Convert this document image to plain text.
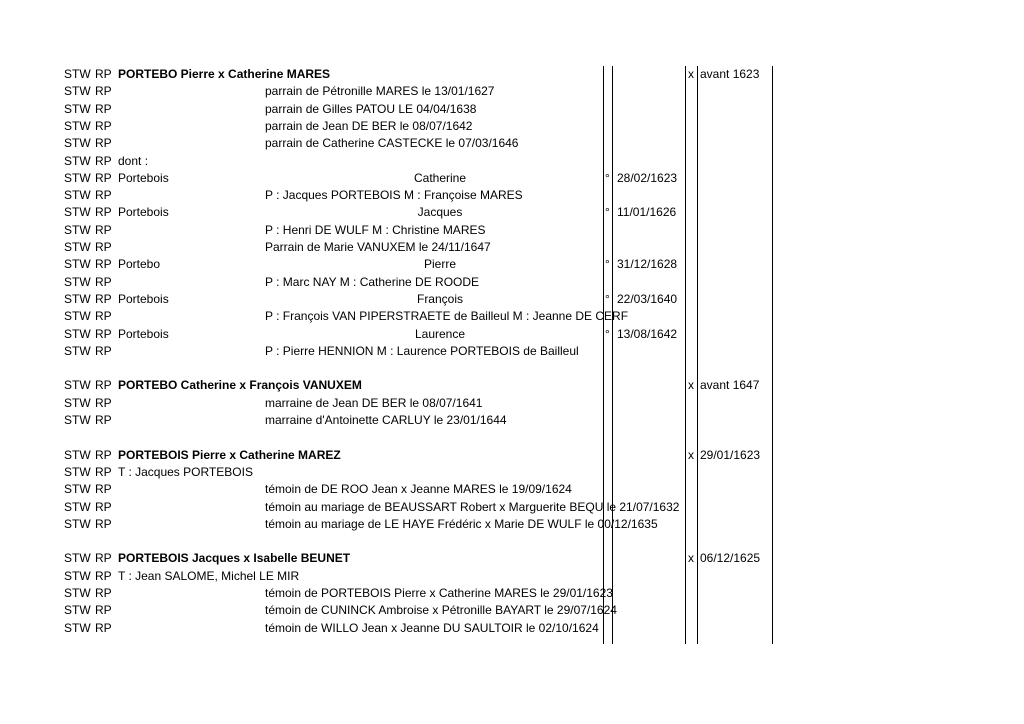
STW RP PORTEBO Pierre x Catherine MARES	x avant 1623
STW RP	parrain de Pétronille MARES le 13/01/1627
STW RP	parrain de Gilles PATOU LE 04/04/1638
STW RP	parrain de Jean DE BER le 08/07/1642
STW RP	parrain de Catherine CASTECKE le 07/03/1646
STW RP dont :
STW RP Portebois	Catherine	° 28/02/1623
STW RP	P : Jacques PORTEBOIS M : Françoise MARES
STW RP Portebois	Jacques	° 11/01/1626
STW RP	P : Henri DE WULF M : Christine MARES
STW RP	Parrain de Marie VANUXEM le 24/11/1647
STW RP Portebo	Pierre	° 31/12/1628
STW RP	P : Marc NAY M : Catherine DE ROODE
STW RP Portebois	François	° 22/03/1640
STW RP	P : François VAN PIPERSTRAETE de Bailleul M : Jeanne DE CERF
STW RP Portebois	Laurence	° 13/08/1642
STW RP	P : Pierre HENNION M : Laurence PORTEBOIS de Bailleul
STW RP PORTEBO Catherine x François VANUXEM	x avant 1647
STW RP	marraine de Jean DE BER le 08/07/1641
STW RP	marraine d'Antoinette CARLUY le 23/01/1644
STW RP PORTEBOIS Pierre x Catherine MAREZ	x 29/01/1623
STW RP T : Jacques PORTEBOIS
STW RP	témoin de DE ROO Jean x Jeanne MARES le 19/09/1624
STW RP	témoin au mariage de BEAUSSART Robert x Marguerite BEQU le 21/07/1632
STW RP	témoin au mariage de LE HAYE Frédéric x Marie DE WULF le 00/12/1635
STW RP PORTEBOIS Jacques x Isabelle BEUNET	x 06/12/1625
STW RP T : Jean SALOME, Michel LE MIR
STW RP	témoin de PORTEBOIS Pierre x Catherine MARES le 29/01/1623
STW RP	témoin de CUNINCK Ambroise x Pétronille BAYART le 29/07/1624
STW RP	témoin de WILLO Jean x Jeanne DU SAULTOIR le 02/10/1624
